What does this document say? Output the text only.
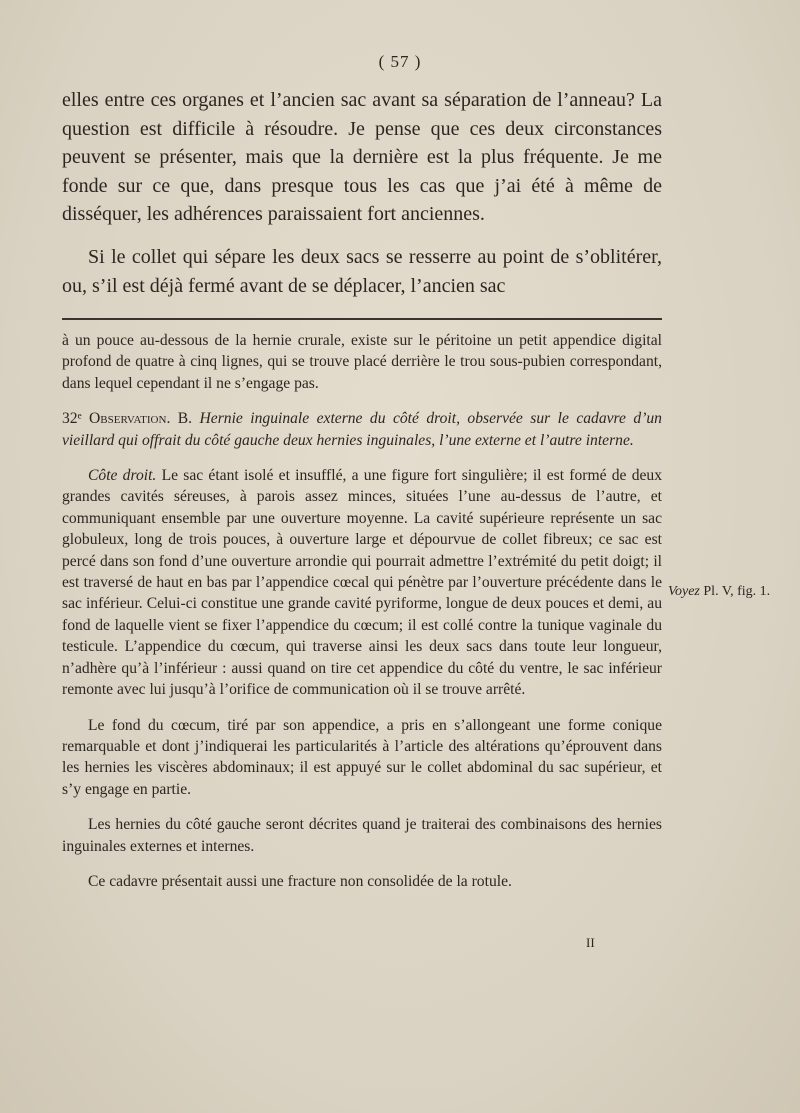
( 57 )

elles entre ces organes et l’ancien sac avant sa séparation de l’anneau? La question est difficile à résoudre. Je pense que ces deux circonstances peuvent se présenter, mais que la dernière est la plus fréquente. Je me fonde sur ce que, dans presque tous les cas que j’ai été à même de disséquer, les adhérences paraissaient fort anciennes.

Si le collet qui sépare les deux sacs se resserre au point de s’oblitérer, ou, s’il est déjà fermé avant de se déplacer, l’ancien sac

à un pouce au-dessous de la hernie crurale, existe sur le péritoine un petit appendice digital profond de quatre à cinq lignes, qui se trouve placé derrière le trou sous-pubien correspondant, dans lequel cependant il ne s’engage pas.

32ᵉ Observation. B. Hernie inguinale externe du côté droit, observée sur le cadavre d’un vieillard qui offrait du côté gauche deux hernies inguinales, l’une externe et l’autre interne.

Côte droit. Le sac étant isolé et insufflé, a une figure fort singulière; il est formé de deux grandes cavités séreuses, à parois assez minces, situées l’une au-dessus de l’autre, et communiquant ensemble par une ouverture moyenne. La cavité supérieure représente un sac globuleux, long de trois pouces, à ouverture large et dépourvue de collet fibreux; ce sac est percé dans son fond d’une ouverture arrondie qui pourrait admettre l’extrémité du petit doigt; il est traversé de haut en bas par l’appendice cœcal qui pénètre par l’ouverture précédente dans le sac inférieur. Celui-ci constitue une grande cavité pyriforme, longue de deux pouces et demi, au fond de laquelle vient se fixer l’appendice du cœcum; il est collé contre la tunique vaginale du testicule. L’appendice du cœcum, qui traverse ainsi les deux sacs dans toute leur longueur, n’adhère qu’à l’inférieur : aussi quand on tire cet appendice du côté du ventre, le sac inférieur remonte avec lui jusqu’à l’orifice de communication où il se trouve arrêté.

Le fond du cœcum, tiré par son appendice, a pris en s’allongeant une forme conique remarquable et dont j’indiquerai les particularités à l’article des altérations qu’éprouvent dans les hernies les viscères abdominaux; il est appuyé sur le collet abdominal du sac supérieur, et s’y engage en partie.

Les hernies du côté gauche seront décrites quand je traiterai des combinaisons des hernies inguinales externes et internes.

Ce cadavre présentait aussi une fracture non consolidée de la rotule.

Voyez Pl. V, fig. 1.
II
